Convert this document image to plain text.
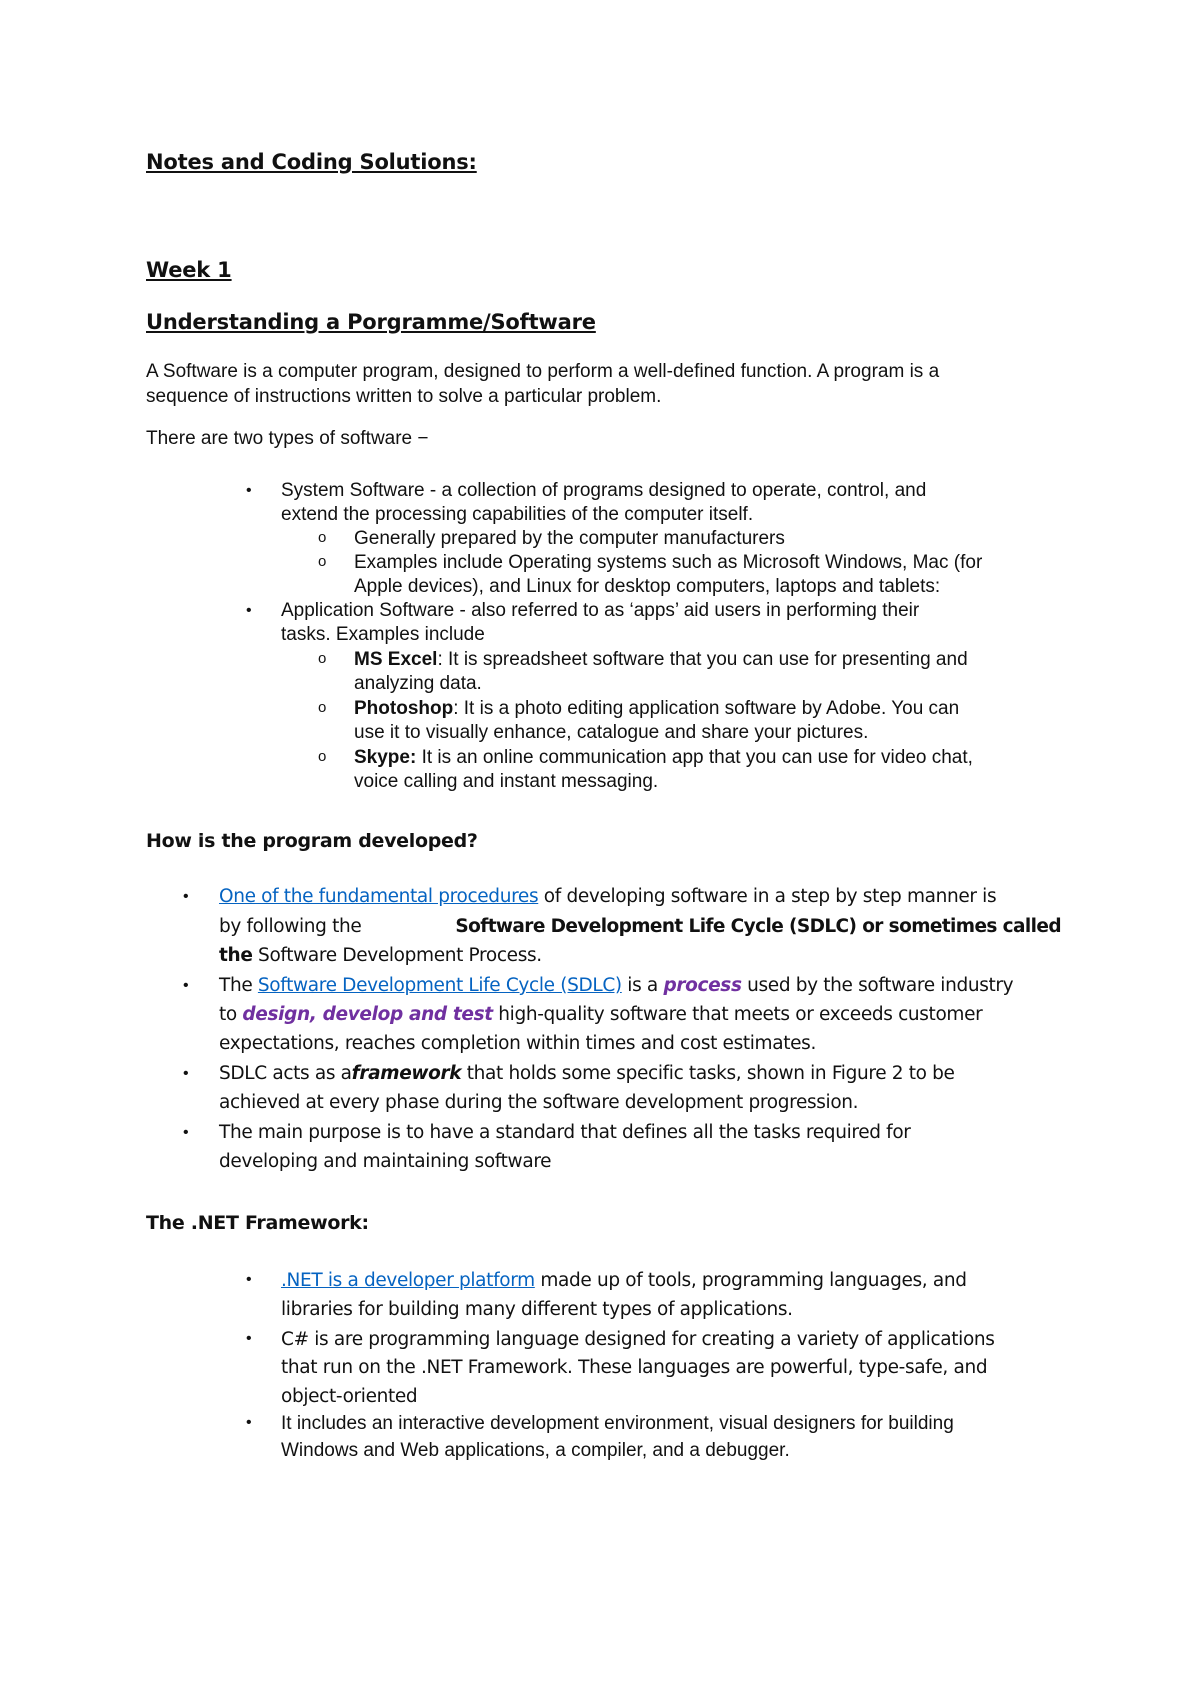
Notes and Coding Solutions:
Week 1
Understanding a Porgramme/Software
A Software is a computer program, designed to perform a well-defined function. A program is a
sequence of instructions written to solve a particular problem.
There are two types of software −
• System Software - a collection of programs designed to operate, control, and
extend the processing capabilities of the computer itself.
o Generally prepared by the computer manufacturers
o Examples include Operating systems such as Microsoft Windows, Mac (for
Apple devices), and Linux for desktop computers, laptops and tablets:
• Application Software - also referred to as ‘apps’ aid users in performing their
tasks. Examples include
o MS Excel: It is spreadsheet software that you can use for presenting and
analyzing data.
o Photoshop: It is a photo editing application software by Adobe. You can
use it to visually enhance, catalogue and share your pictures.
o Skype: It is an online communication app that you can use for video chat,
voice calling and instant messaging.
How is the program developed?
• One of the fundamental procedures of developing software in a step by step manner is
by following the	Software Development Life Cycle (SDLC) or sometimes called
the Software Development Process.
• The Software Development Life Cycle (SDLC) is a process used by the software industry
to design, develop and test high-quality software that meets or exceeds customer
expectations, reaches completion within times and cost estimates.
• SDLC acts as aframework that holds some specific tasks, shown in Figure 2 to be
achieved at every phase during the software development progression.
• The main purpose is to have a standard that defines all the tasks required for
developing and maintaining software
The .NET Framework:
• .NET is a developer platform made up of tools, programming languages, and
libraries for building many different types of applications.
• C# is are programming language designed for creating a variety of applications
that run on the .NET Framework. These languages are powerful, type-safe, and
object-oriented
• It includes an interactive development environment, visual designers for building
Windows and Web applications, a compiler, and a debugger.
